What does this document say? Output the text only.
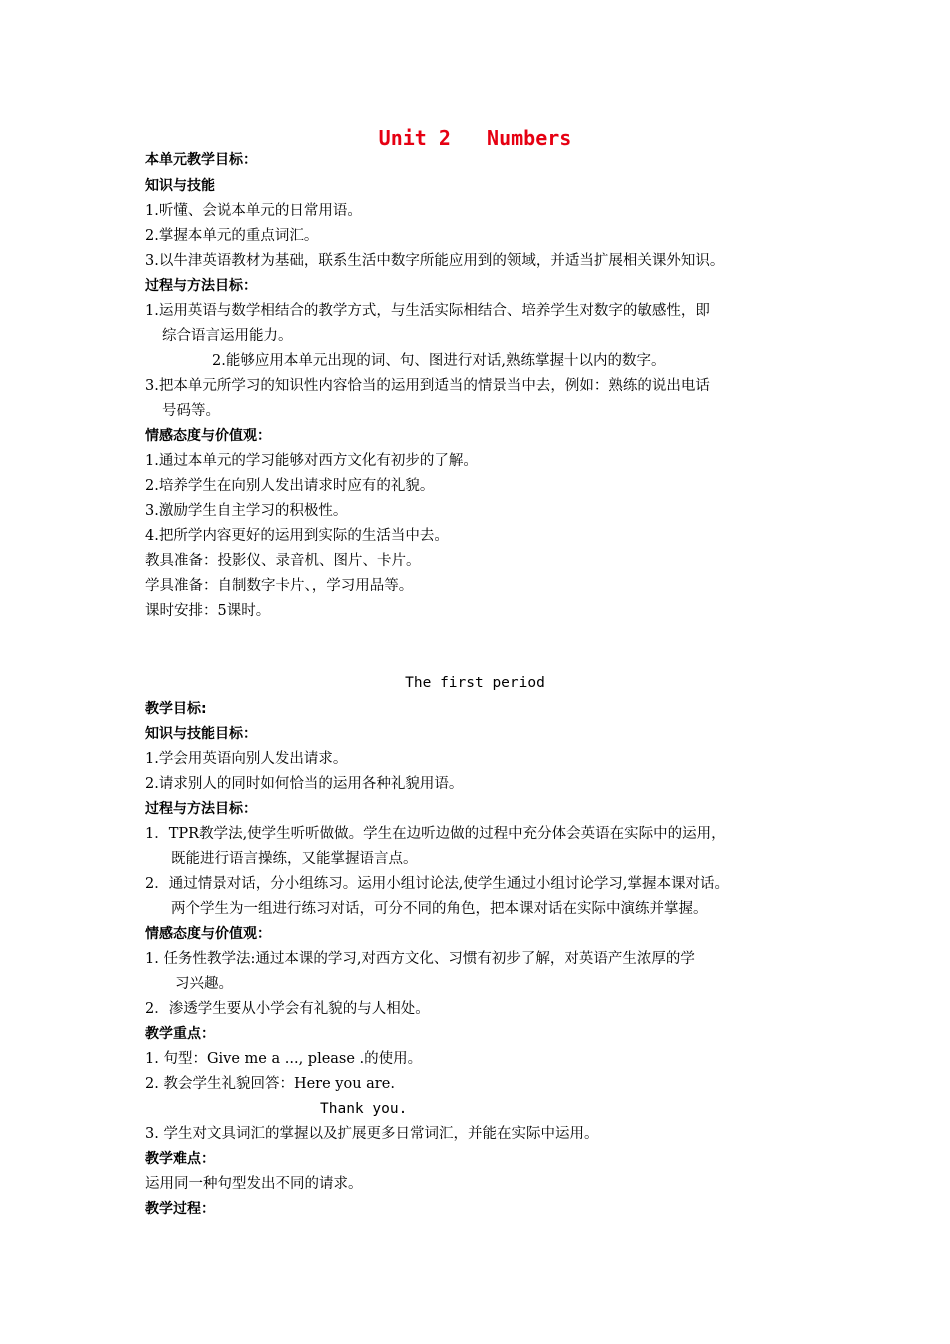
Unit 2   Numbers
本单元教学目标：
知识与技能
1.听懂、会说本单元的日常用语。
2.掌握本单元的重点词汇。
3.以牛津英语教材为基础，联系生活中数字所能应用到的领域，并适当扩展相关课外知识。
过程与方法目标：
1.运用英语与数学相结合的教学方式，与生活实际相结合、培养学生对数字的敏感性，即
综合语言运用能力。
2.能够应用本单元出现的词、句、图进行对话,熟练掌握十以内的数字。
3.把本单元所学习的知识性内容恰当的运用到适当的情景当中去，例如：熟练的说出电话
号码等。
情感态度与价值观：
1.通过本单元的学习能够对西方文化有初步的了解。
2.培养学生在向别人发出请求时应有的礼貌。
3.激励学生自主学习的积极性。
4.把所学内容更好的运用到实际的生活当中去。
教具准备：投影仪、录音机、图片、卡片。
学具准备：自制数字卡片、，学习用品等。
课时安排：5课时。
The first period
教学目标:
知识与技能目标：
1.学会用英语向别人发出请求。
2.请求别人的同时如何恰当的运用各种礼貌用语。
过程与方法目标：
1．TPR教学法,使学生听听做做。学生在边听边做的过程中充分体会英语在实际中的运用，
既能进行语言操练，又能掌握语言点。
2．通过情景对话，分小组练习。运用小组讨论法,使学生通过小组讨论学习,掌握本课对话。
两个学生为一组进行练习对话，可分不同的角色，把本课对话在实际中演练并掌握。
情感态度与价值观：
1. 任务性教学法:通过本课的学习,对西方文化、习惯有初步了解，对英语产生浓厚的学
习兴趣。
2．渗透学生要从小学会有礼貌的与人相处。
教学重点：
1. 句型：Give me a ..., please .的使用。
2. 教会学生礼貌回答：Here you are.
Thank you.
3. 学生对文具词汇的掌握以及扩展更多日常词汇，并能在实际中运用。
教学难点：
运用同一种句型发出不同的请求。
教学过程：
